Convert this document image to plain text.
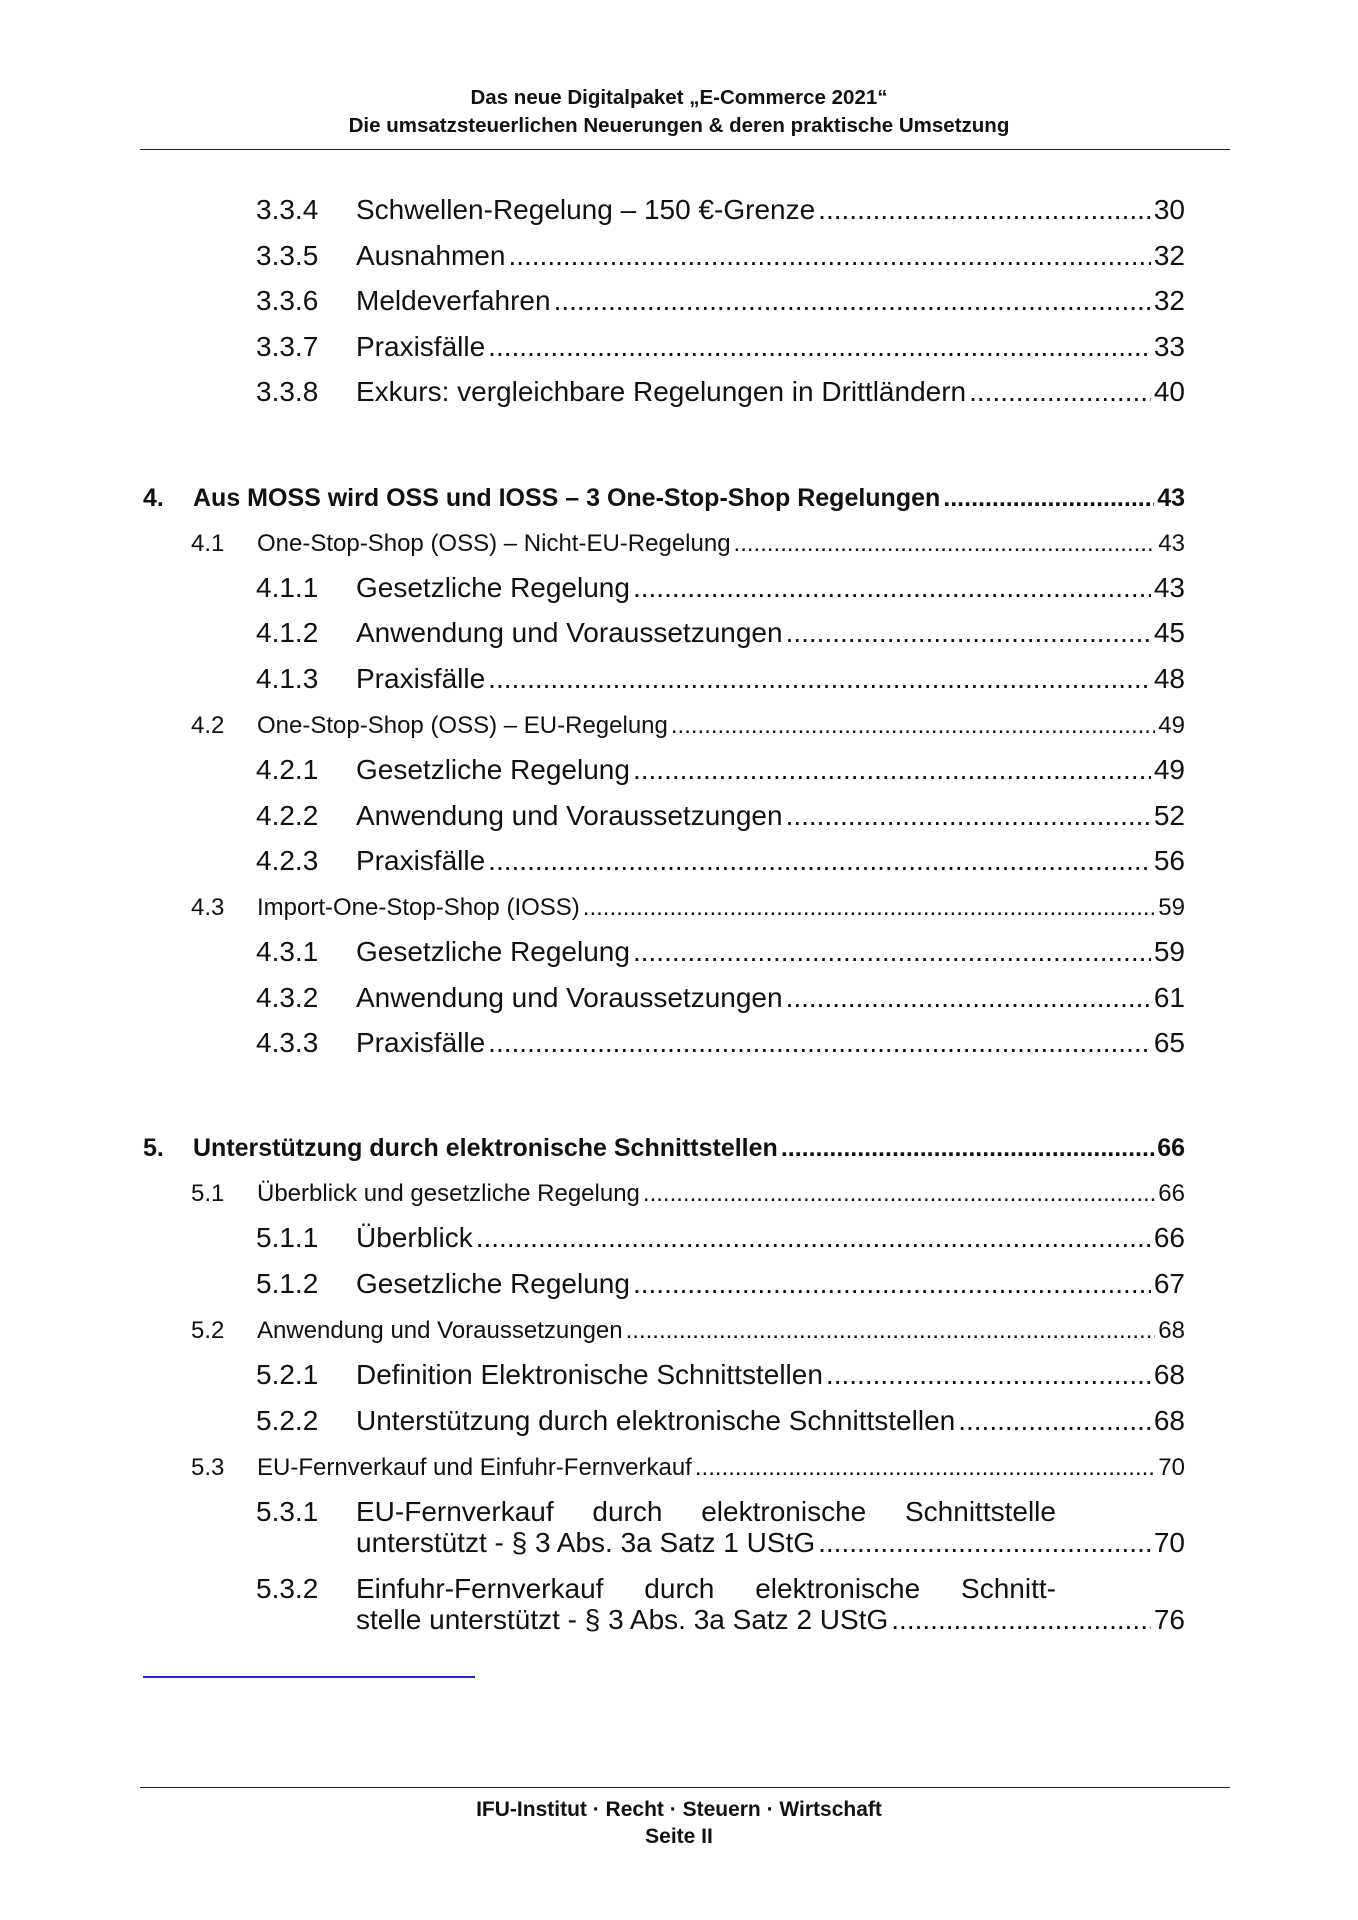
Das neue Digitalpaket „E-Commerce 2021“
Die umsatzsteuerlichen Neuerungen & deren praktische Umsetzung
3.3.4	Schwellen-Regelung – 150 €-Grenze .....	30
3.3.5	Ausnahmen .....	32
3.3.6	Meldeverfahren .....	32
3.3.7	Praxisfälle .....	33
3.3.8	Exkurs: vergleichbare Regelungen in Drittländern .....	40
4.	Aus MOSS wird OSS und IOSS – 3 One-Stop-Shop Regelungen .....	43
4.1	One-Stop-Shop (OSS) – Nicht-EU-Regelung .....	43
4.1.1	Gesetzliche Regelung .....	43
4.1.2	Anwendung und Voraussetzungen .....	45
4.1.3	Praxisfälle .....	48
4.2	One-Stop-Shop (OSS) – EU-Regelung .....	49
4.2.1	Gesetzliche Regelung .....	49
4.2.2	Anwendung und Voraussetzungen .....	52
4.2.3	Praxisfälle .....	56
4.3	Import-One-Stop-Shop (IOSS) .....	59
4.3.1	Gesetzliche Regelung .....	59
4.3.2	Anwendung und Voraussetzungen .....	61
4.3.3	Praxisfälle .....	65
5.	Unterstützung durch elektronische Schnittstellen .....	66
5.1	Überblick und gesetzliche Regelung .....	66
5.1.1	Überblick .....	66
5.1.2	Gesetzliche Regelung .....	67
5.2	Anwendung und Voraussetzungen .....	68
5.2.1	Definition Elektronische Schnittstellen .....	68
5.2.2	Unterstützung durch elektronische Schnittstellen .....	68
5.3	EU-Fernverkauf und Einfuhr-Fernverkauf .....	70
5.3.1	EU-Fernverkauf durch elektronische Schnittstelle
unterstützt - § 3 Abs. 3a Satz 1 UStG .....	70
5.3.2	Einfuhr-Fernverkauf durch elektronische Schnitt-
stelle unterstützt - § 3 Abs. 3a Satz 2 UStG .....	76
IFU-Institut · Recht · Steuern · Wirtschaft
Seite II
